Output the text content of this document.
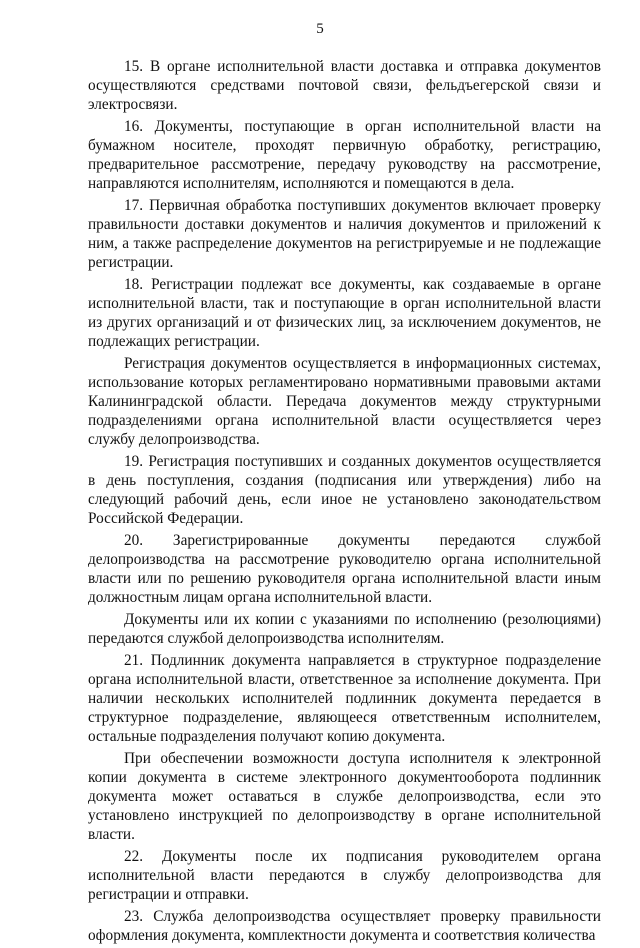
5

15. В органе исполнительной власти доставка и отправка документов осуществляются средствами почтовой связи, фельдъегерской связи и электросвязи.

16. Документы, поступающие в орган исполнительной власти на бумажном носителе, проходят первичную обработку, регистрацию, предварительное рассмотрение, передачу руководству на рассмотрение, направляются исполнителям, исполняются и помещаются в дела.

17. Первичная обработка поступивших документов включает проверку правильности доставки документов и наличия документов и приложений к ним, а также распределение документов на регистрируемые и не подлежащие регистрации.

18. Регистрации подлежат все документы, как создаваемые в органе исполнительной власти, так и поступающие в орган исполнительной власти из других организаций и от физических лиц, за исключением документов, не подлежащих регистрации.

Регистрация документов осуществляется в информационных системах, использование которых регламентировано нормативными правовыми актами Калининградской области. Передача документов между структурными подразделениями органа исполнительной власти осуществляется через службу делопроизводства.

19. Регистрация поступивших и созданных документов осуществляется в день поступления, создания (подписания или утверждения) либо на следующий рабочий день, если иное не установлено законодательством Российской Федерации.

20. Зарегистрированные документы передаются службой делопроизводства на рассмотрение руководителю органа исполнительной власти или по решению руководителя органа исполнительной власти иным должностным лицам органа исполнительной власти.

Документы или их копии с указаниями по исполнению (резолюциями) передаются службой делопроизводства исполнителям.

21. Подлинник документа направляется в структурное подразделение органа исполнительной власти, ответственное за исполнение документа. При наличии нескольких исполнителей подлинник документа передается в структурное подразделение, являющееся ответственным исполнителем, остальные подразделения получают копию документа.

При обеспечении возможности доступа исполнителя к электронной копии документа в системе электронного документооборота подлинник документа может оставаться в службе делопроизводства, если это установлено инструкцией по делопроизводству в органе исполнительной власти.

22. Документы после их подписания руководителем органа исполнительной власти передаются в службу делопроизводства для регистрации и отправки.

23. Служба делопроизводства осуществляет проверку правильности оформления документа, комплектности документа и соответствия количества
